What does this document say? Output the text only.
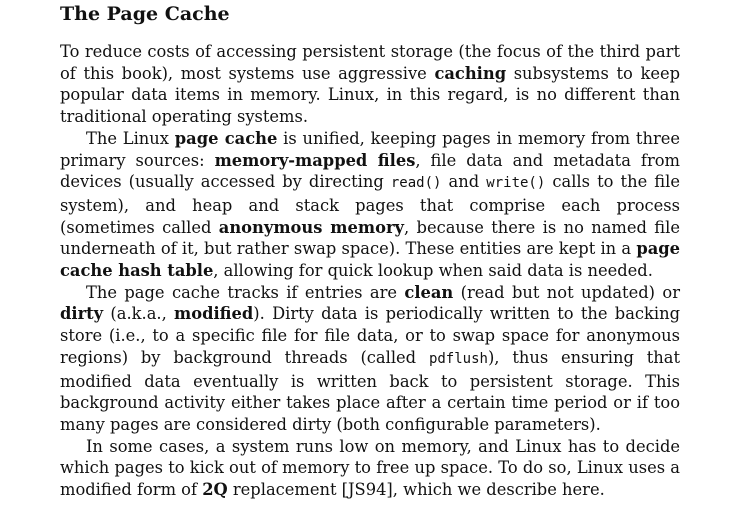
The Page Cache

To reduce costs of accessing persistent storage (the focus of the third part of this book), most systems use aggressive caching subsystems to keep popular data items in memory. Linux, in this regard, is no different than traditional operating systems.

The Linux page cache is unified, keeping pages in memory from three primary sources: memory-mapped files, file data and metadata from devices (usually accessed by directing read() and write() calls to the file system), and heap and stack pages that comprise each process (sometimes called anonymous memory, because there is no named file underneath of it, but rather swap space). These entities are kept in a page cache hash table, allowing for quick lookup when said data is needed.

The page cache tracks if entries are clean (read but not updated) or dirty (a.k.a., modified). Dirty data is periodically written to the backing store (i.e., to a specific file for file data, or to swap space for anonymous regions) by background threads (called pdflush), thus ensuring that modified data eventually is written back to persistent storage. This background activity either takes place after a certain time period or if too many pages are considered dirty (both configurable parameters).

In some cases, a system runs low on memory, and Linux has to decide which pages to kick out of memory to free up space. To do so, Linux uses a modified form of 2Q replacement [JS94], which we describe here.
